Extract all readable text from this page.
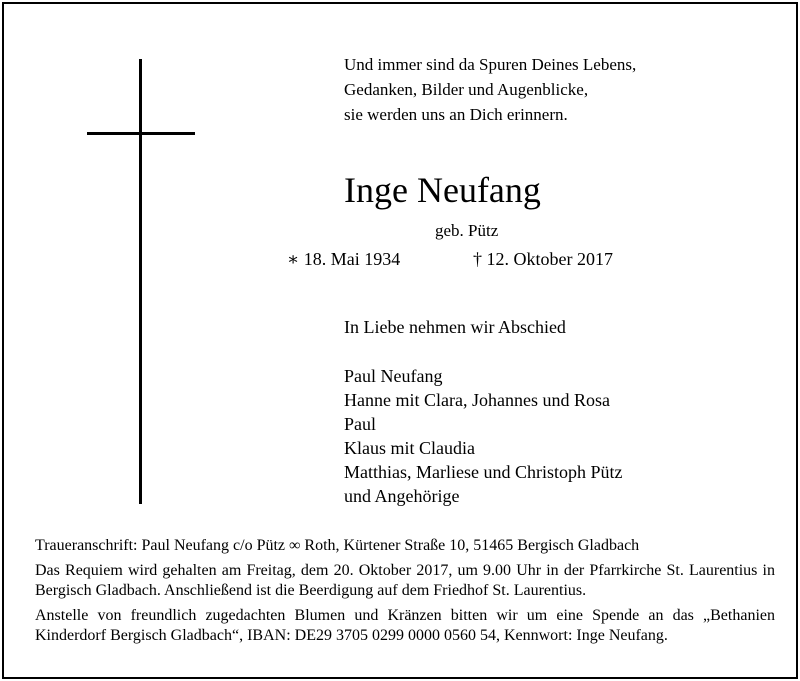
Und immer sind da Spuren Deines Lebens,
Gedanken, Bilder und Augenblicke,
sie werden uns an Dich erinnern.
Inge Neufang
geb. Pütz
∗ 18. Mai 1934	† 12. Oktober 2017
In Liebe nehmen wir Abschied
Paul Neufang
Hanne mit Clara, Johannes und Rosa
Paul
Klaus mit Claudia
Matthias, Marliese und Christoph Pütz
und Angehörige

Traueranschrift: Paul Neufang c/o Pütz ∞ Roth, Kürtener Straße 10, 51465 Bergisch Gladbach

Das Requiem wird gehalten am Freitag, dem 20. Oktober 2017, um 9.00 Uhr in der Pfarrkirche St. Laurentius in Bergisch Gladbach. Anschließend ist die Beerdigung auf dem Friedhof St. Laurentius.

Anstelle von freundlich zugedachten Blumen und Kränzen bitten wir um eine Spende an das „Bethanien Kinderdorf Bergisch Gladbach“, IBAN: DE29 3705 0299 0000 0560 54, Kennwort: Inge Neufang.
